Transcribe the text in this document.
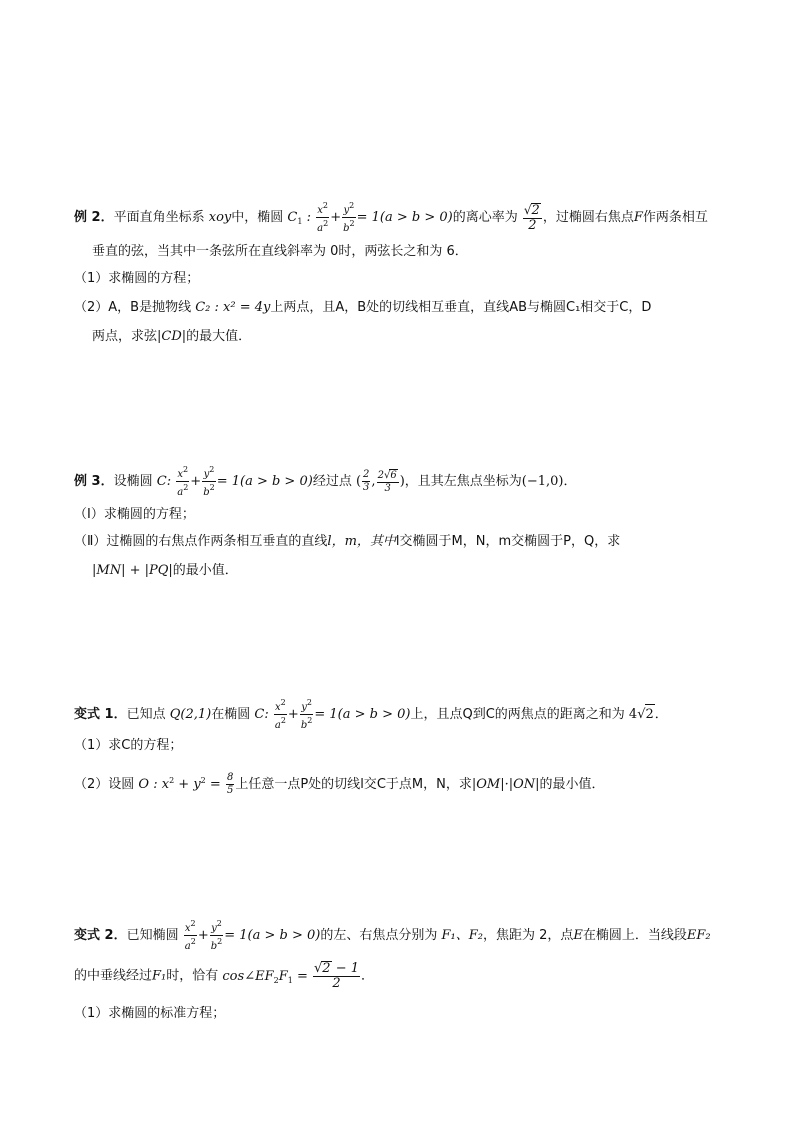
例 2．平面直角坐标系 xoy中，椭圆 $C_1$ : $\frac{x^2}{a^2} + \frac{y^2}{b^2} = 1(a > b > 0)$的离心率为 $\frac{√2}{2}$ ，过椭圆右焦点F作两条相互
垂直的弦，当其中一条弦所在直线斜率为 0时，两弦长之和为 6．
（1）求椭圆的方程；
（2）A，B是抛物线 C₂ : x² = 4y上两点，且A，B处的切线相互垂直，直线AB与椭圆C₁相交于C，D
两点，求弦|CD|的最大值．
例 3．设椭圆 C: $\frac{x^2}{a^2} + \frac{y^2}{b^2} = 1(a > b > 0)$经过点 ( $\frac{2}{3}$ , $\frac{2√6}{3}$ )，且其左焦点坐标为(−1,0)．
（Ⅰ）求椭圆的方程；
（Ⅱ）过椭圆的右焦点作两条相互垂直的直线l，m，其中l交椭圆于M，N，m交椭圆于P，Q，求
|MN| + |PQ|的最小值．
变式 1．已知点 Q(2,1)在椭圆 C: $\frac{x^2}{a^2} + \frac{y^2}{b^2} = 1(a > b > 0)$上，且点Q到C的两焦点的距离之和为 4√2．
（1）求C的方程；
（2）设圆 O : $x^2 + y^2 = \frac{8}{5}$ 上任意一点P处的切线l交C于点M，N，求|OM|·|ON|的最小值．
变式 2．已知椭圆 $\frac{x^2}{a^2} + \frac{y^2}{b^2} = 1(a > b > 0)$的左、右焦点分别为 F₁、F₂，焦距为 2，点E在椭圆上．当线段EF₂
的中垂线经过F₁时，恰有 $\cos\angle EF_2F_1 = \frac{√2 - 1}{2}$ ．
（1）求椭圆的标准方程；
